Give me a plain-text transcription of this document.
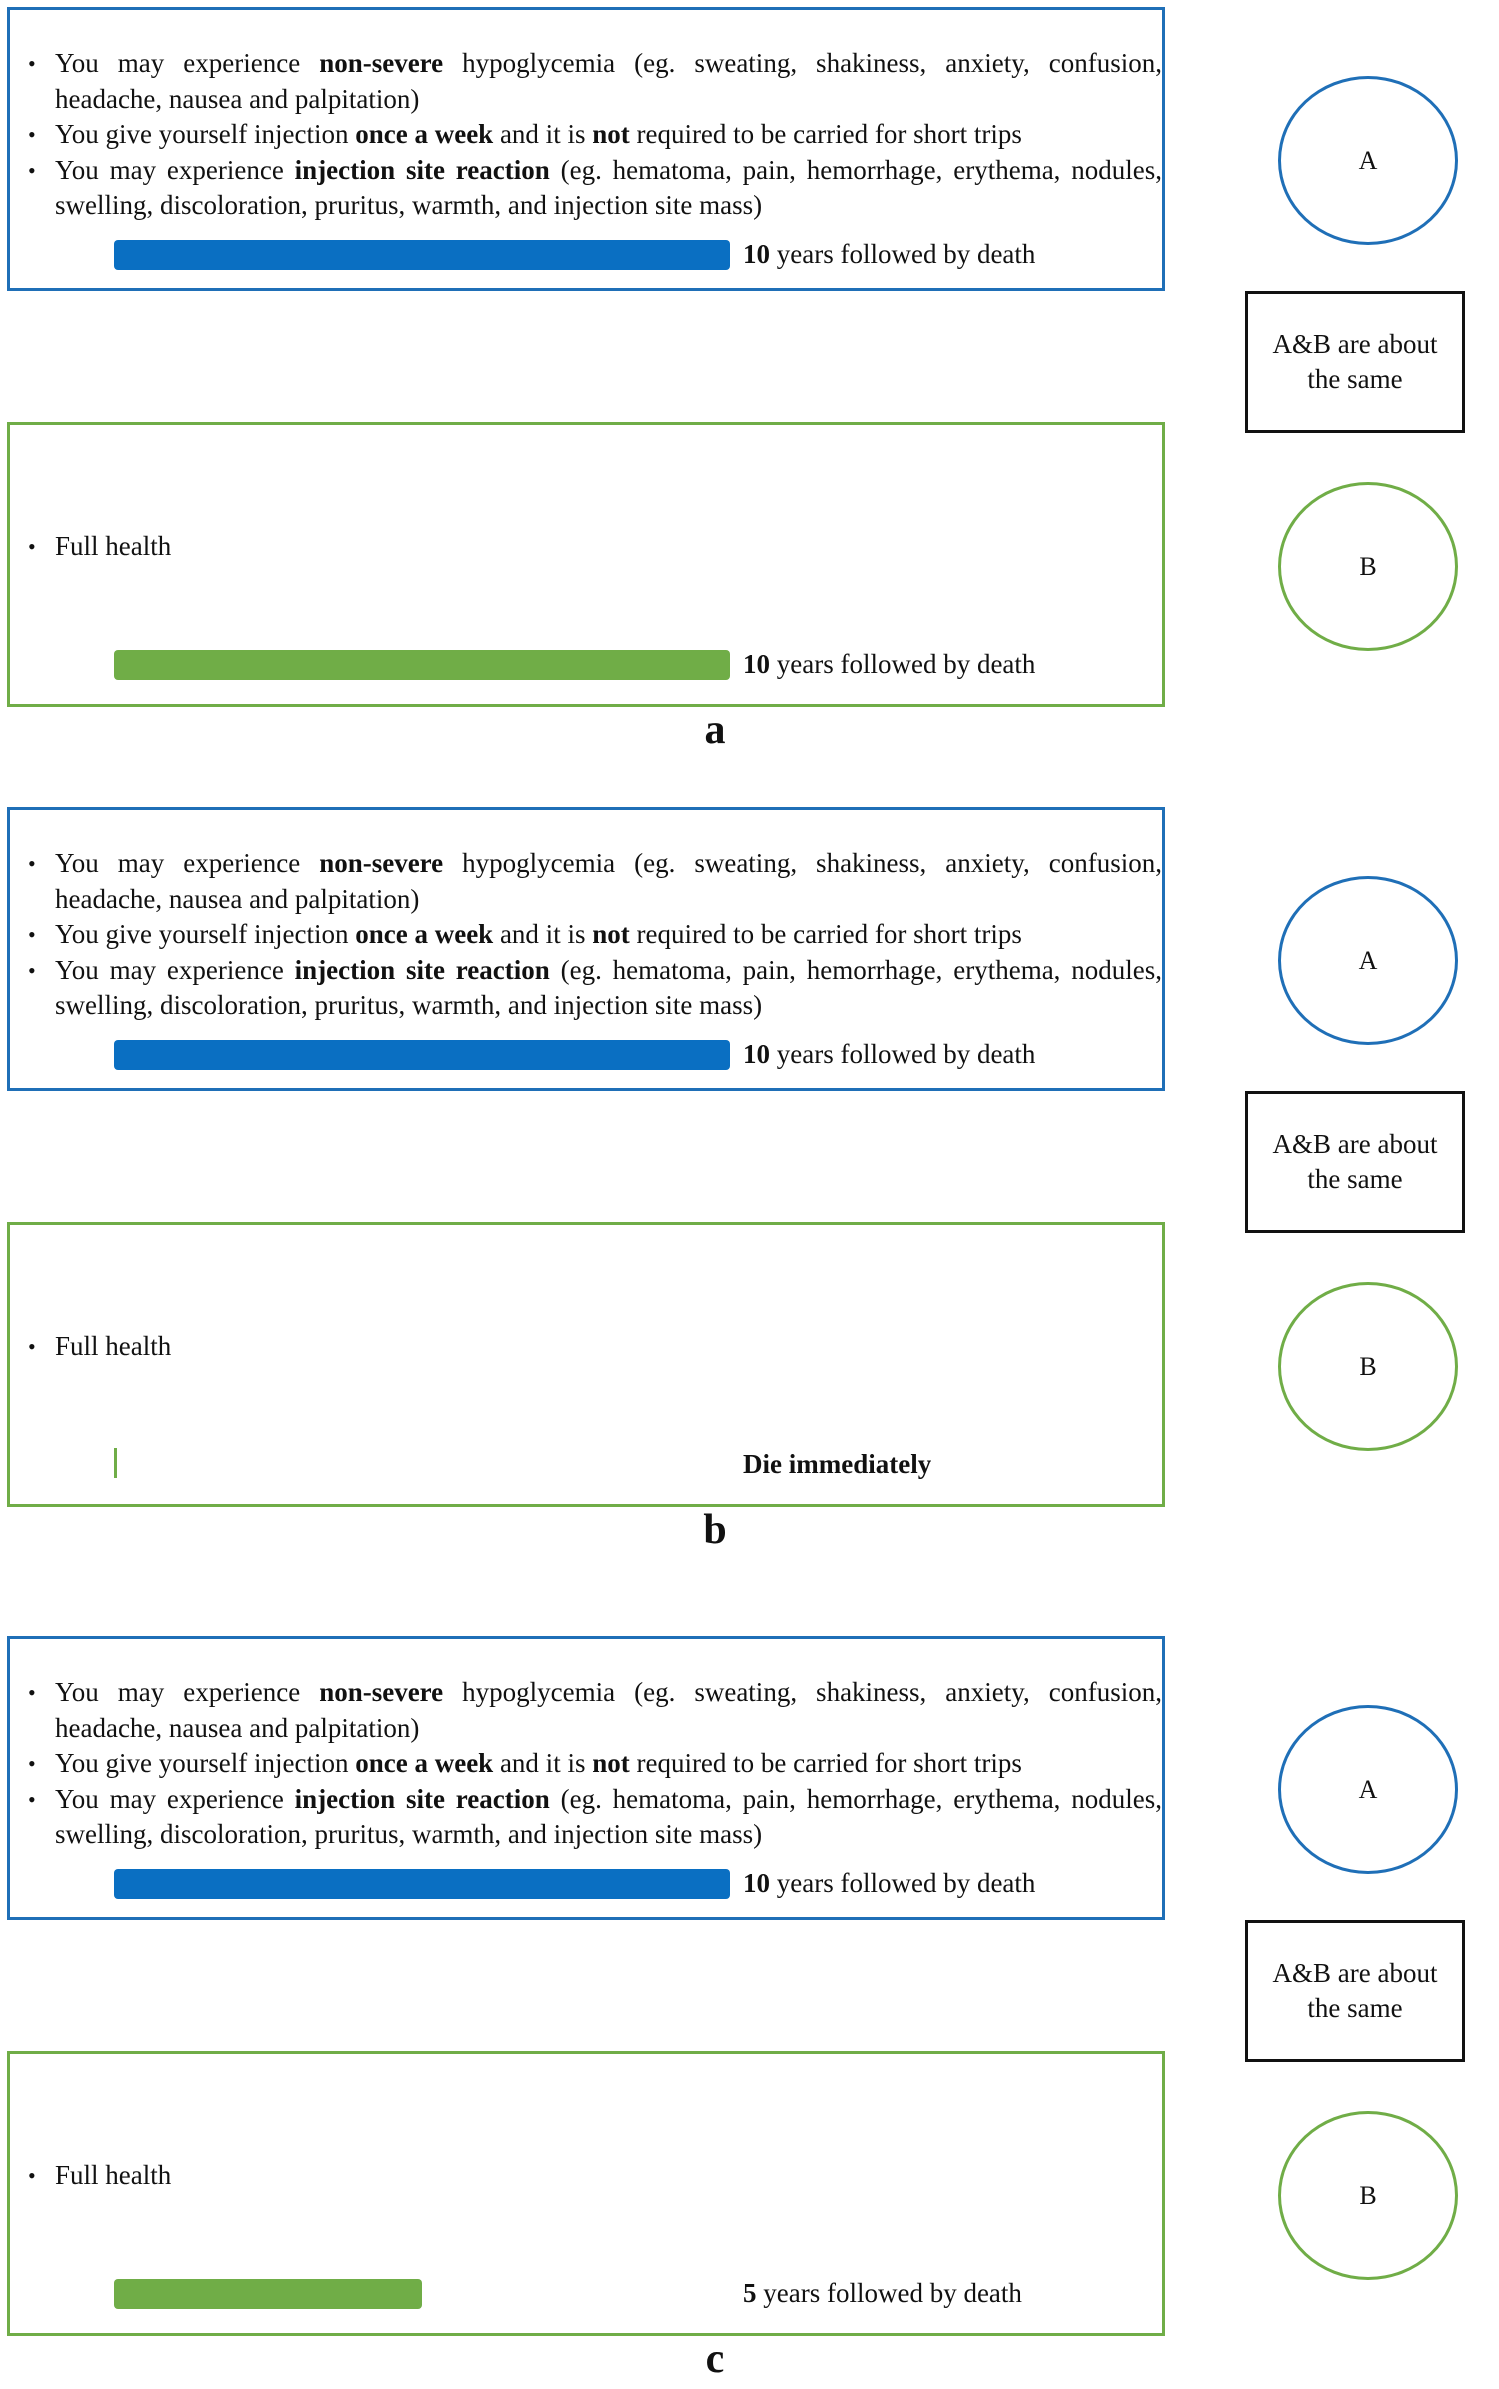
• You may experience non-severe hypoglycemia (eg. sweating, shakiness, anxiety, confusion, headache, nausea and palpitation)
• You give yourself injection once a week and it is not required to be carried for short trips
• You may experience injection site reaction (eg. hematoma, pain, hemorrhage, erythema, nodules, swelling, discoloration, pruritus, warmth, and injection site mass)
10 years followed by death
• Full health
10 years followed by death
A
A&B are about the same
B
a
• You may experience non-severe hypoglycemia (eg. sweating, shakiness, anxiety, confusion, headache, nausea and palpitation)
• You give yourself injection once a week and it is not required to be carried for short trips
• You may experience injection site reaction (eg. hematoma, pain, hemorrhage, erythema, nodules, swelling, discoloration, pruritus, warmth, and injection site mass)
10 years followed by death
• Full health
Die immediately
A
A&B are about the same
B
b
• You may experience non-severe hypoglycemia (eg. sweating, shakiness, anxiety, confusion, headache, nausea and palpitation)
• You give yourself injection once a week and it is not required to be carried for short trips
• You may experience injection site reaction (eg. hematoma, pain, hemorrhage, erythema, nodules, swelling, discoloration, pruritus, warmth, and injection site mass)
10 years followed by death
• Full health
5 years followed by death
A
A&B are about the same
B
c
